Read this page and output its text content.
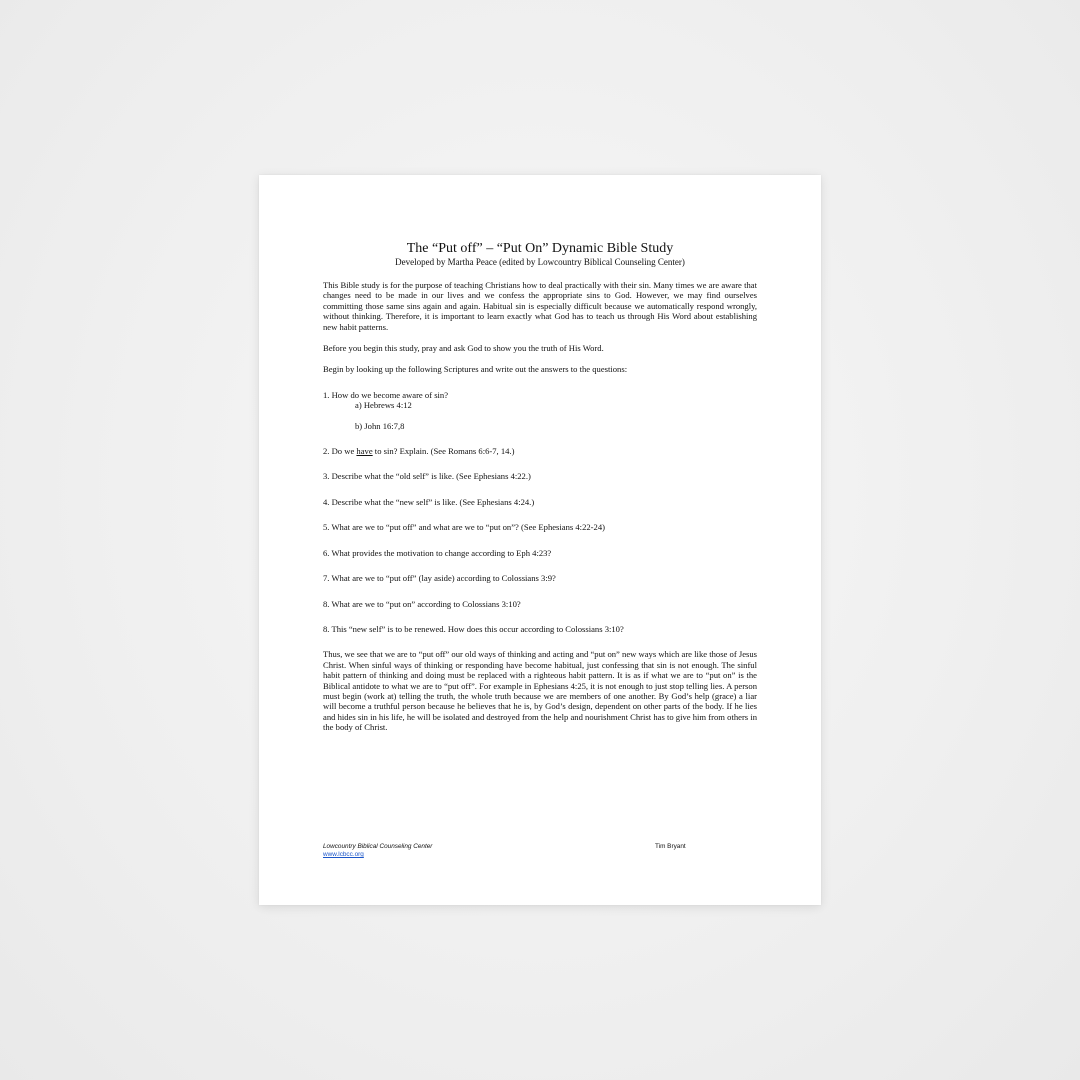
The “Put off” – “Put On” Dynamic Bible Study
Developed by Martha Peace (edited by Lowcountry Biblical Counseling Center)

This Bible study is for the purpose of teaching Christians how to deal practically with their sin. Many times we are aware that changes need to be made in our lives and we confess the appropriate sins to God. However, we may find ourselves committing those same sins again and again. Habitual sin is especially difficult because we automatically respond wrongly, without thinking. Therefore, it is important to learn exactly what God has to teach us through His Word about establishing new habit patterns.

Before you begin this study, pray and ask God to show you the truth of His Word.

Begin by looking up the following Scriptures and write out the answers to the questions:

1. How do we become aware of sin?

a) Hebrews 4:12

b) John 16:7,8

2. Do we have to sin? Explain. (See Romans 6:6-7, 14.)

3. Describe what the “old self” is like. (See Ephesians 4:22.)

4. Describe what the “new self” is like. (See Ephesians 4:24.)

5. What are we to “put off” and what are we to “put on”? (See Ephesians 4:22-24)

6. What provides the motivation to change according to Eph 4:23?

7. What are we to “put off” (lay aside) according to Colossians 3:9?

8. What are we to “put on” according to Colossians 3:10?

8. This “new self” is to be renewed. How does this occur according to Colossians 3:10?

Thus, we see that we are to “put off” our old ways of thinking and acting and “put on” new ways which are like those of Jesus Christ. When sinful ways of thinking or responding have become habitual, just confessing that sin is not enough. The sinful habit pattern of thinking and doing must be replaced with a righteous habit pattern. It is as if what we are to “put on” is the Biblical antidote to what we are to “put off”. For example in Ephesians 4:25, it is not enough to just stop telling lies. A person must begin (work at) telling the truth, the whole truth because we are members of one another. By God’s help (grace) a liar will become a truthful person because he believes that he is, by God’s design, dependent on other parts of the body. If he lies and hides sin in his life, he will be isolated and destroyed from the help and nourishment Christ has to give him from others in the body of Christ.

Lowcountry Biblical Counseling Center
www.lcbcc.org
Tim Bryant
